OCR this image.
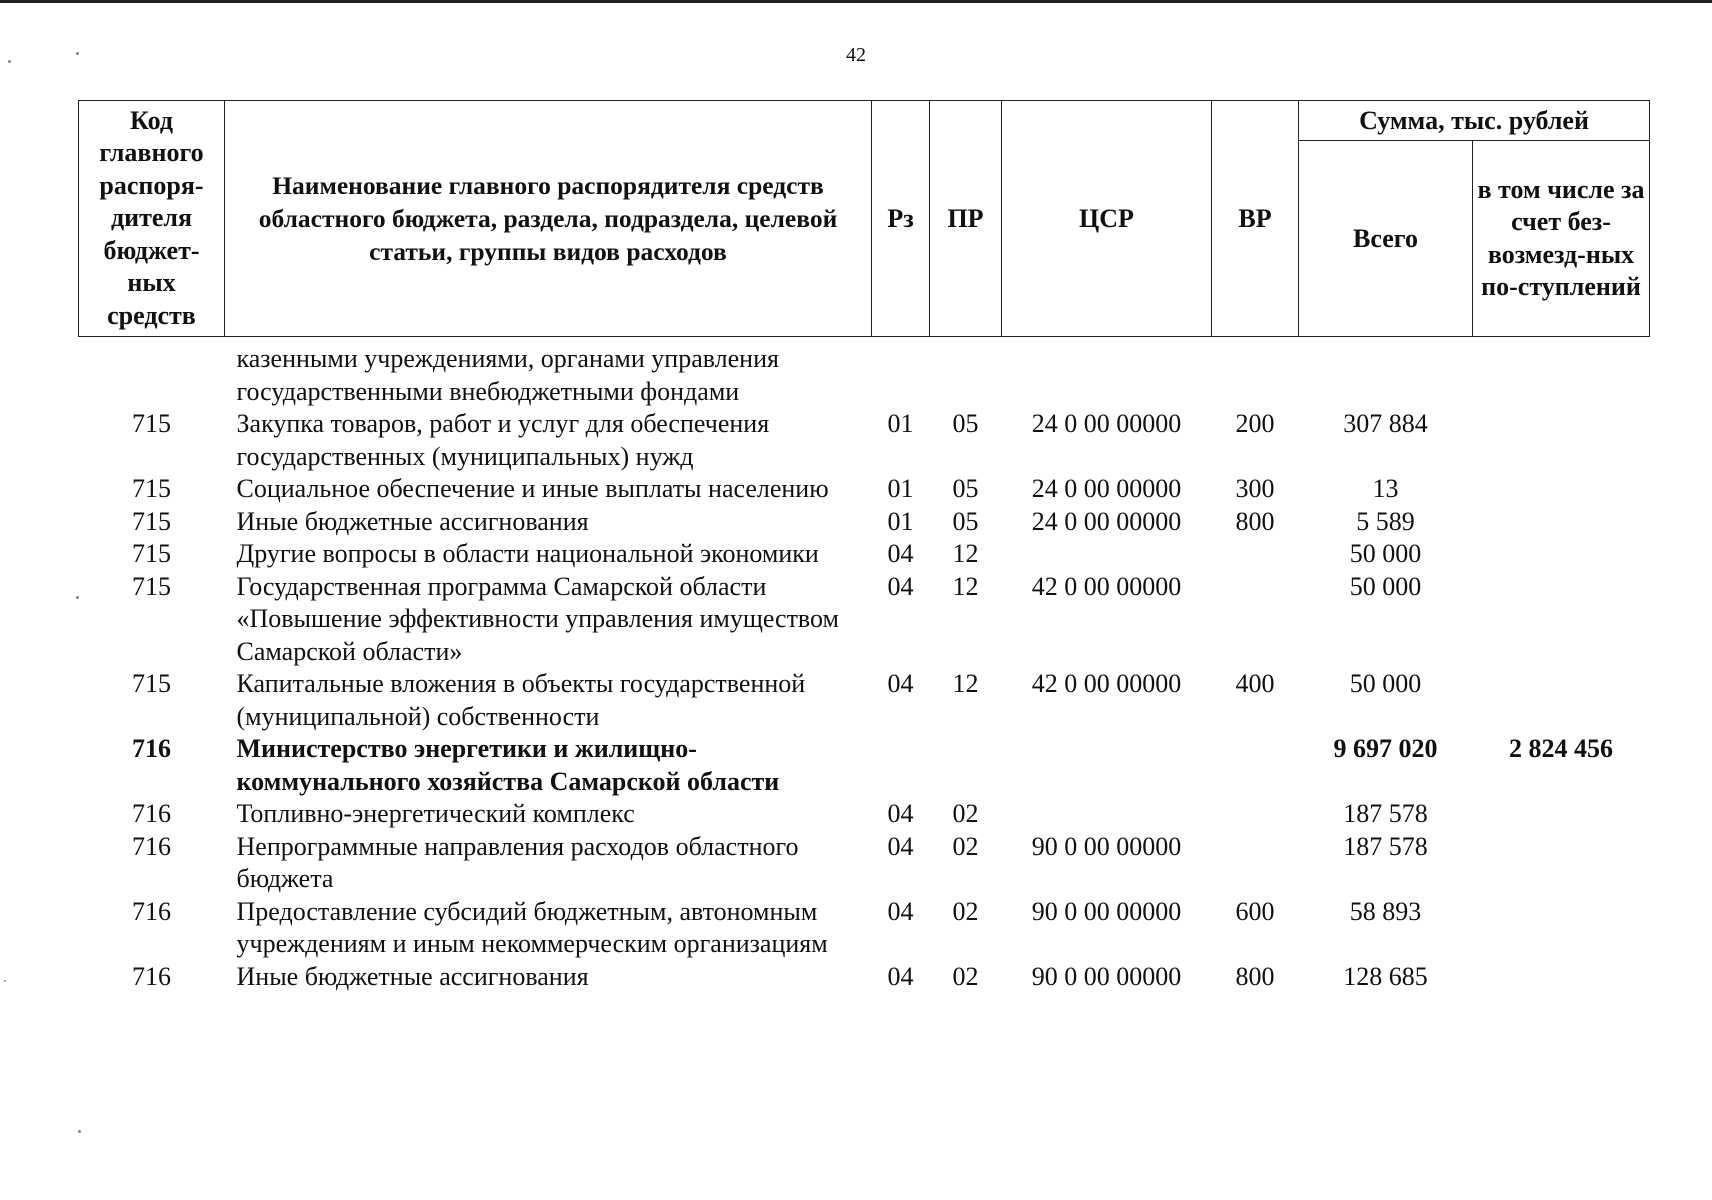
42
Код главного распоря-дителя бюджет-ных средств	Наименование главного распорядителя средств областного бюджета, раздела, подраздела, целевой статьи, группы видов расходов	Рз	ПР	ЦСР	ВР	Сумма, тыс. рублей	
						Всего	в том числе за счет без-возмезд-ных по-ступлений
	казенными учреждениями, органами управления государственными внебюджетными фондами						
715	Закупка товаров, работ и услуг для обеспечения государственных (муниципальных) нужд	01	05	24 0 00 00000	200	307 884	
715	Социальное обеспечение и иные выплаты населению	01	05	24 0 00 00000	300	13	
715	Иные бюджетные ассигнования	01	05	24 0 00 00000	800	5 589	
715	Другие вопросы в области национальной экономики	04	12			50 000	
715	Государственная программа Самарской области «Повышение эффективности управления имуществом Самарской области»	04	12	42 0 00 00000		50 000	
715	Капитальные вложения в объекты государственной (муниципальной) собственности	04	12	42 0 00 00000	400	50 000	
716	Министерство энергетики и жилищно-коммунального хозяйства Самарской области					9 697 020	2 824 456
716	Топливно-энергетический комплекс	04	02			187 578	
716	Непрограммные направления расходов областного бюджета	04	02	90 0 00 00000		187 578	
716	Предоставление субсидий бюджетным, автономным учреждениям и иным некоммерческим организациям	04	02	90 0 00 00000	600	58 893	
716	Иные бюджетные ассигнования	04	02	90 0 00 00000	800	128 685	
